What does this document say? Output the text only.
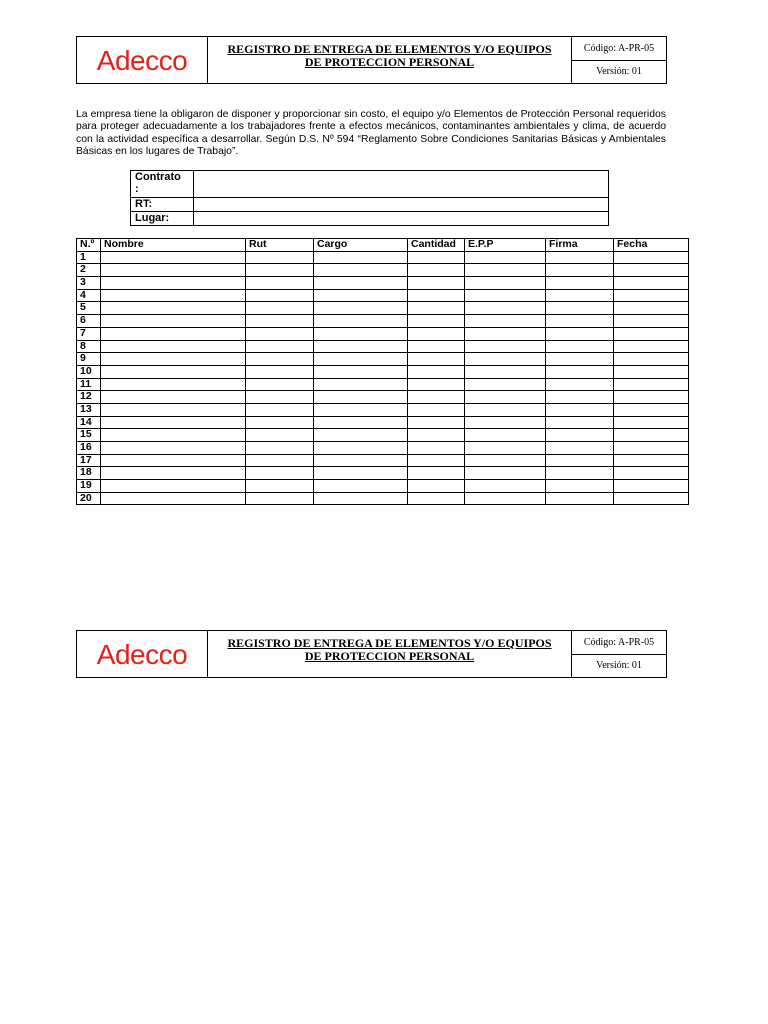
Adecco	REGISTRO DE ENTREGA DE ELEMENTOS Y/O EQUIPOS DE PROTECCION PERSONAL
Código: A-PR-05
Versión: 01
La empresa tiene la obligaron de disponer y proporcionar sin costo, el equipo y/o Elementos de Protección Personal requeridos para proteger adecuadamente a los trabajadores frente a efectos mecánicos, contaminantes ambientales y clima, de acuerdo con la actividad específica a desarrollar. Según D.S. Nº 594 “Reglamento Sobre Condiciones Sanitarias Básicas y Ambientales Básicas en los lugares de Trabajo”.
Contrato
:	
RT:	
Lugar:	
N.º	Nombre	Rut	Cargo	Cantidad	E.P.P	Firma	Fecha
1							
2							
3							
4							
5							
6							
7							
8							
9							
10							
11							
12							
13							
14							
15							
16							
17							
18							
19							
20							
Adecco	REGISTRO DE ENTREGA DE ELEMENTOS Y/O EQUIPOS DE PROTECCION PERSONAL
Código: A-PR-05
Versión: 01
